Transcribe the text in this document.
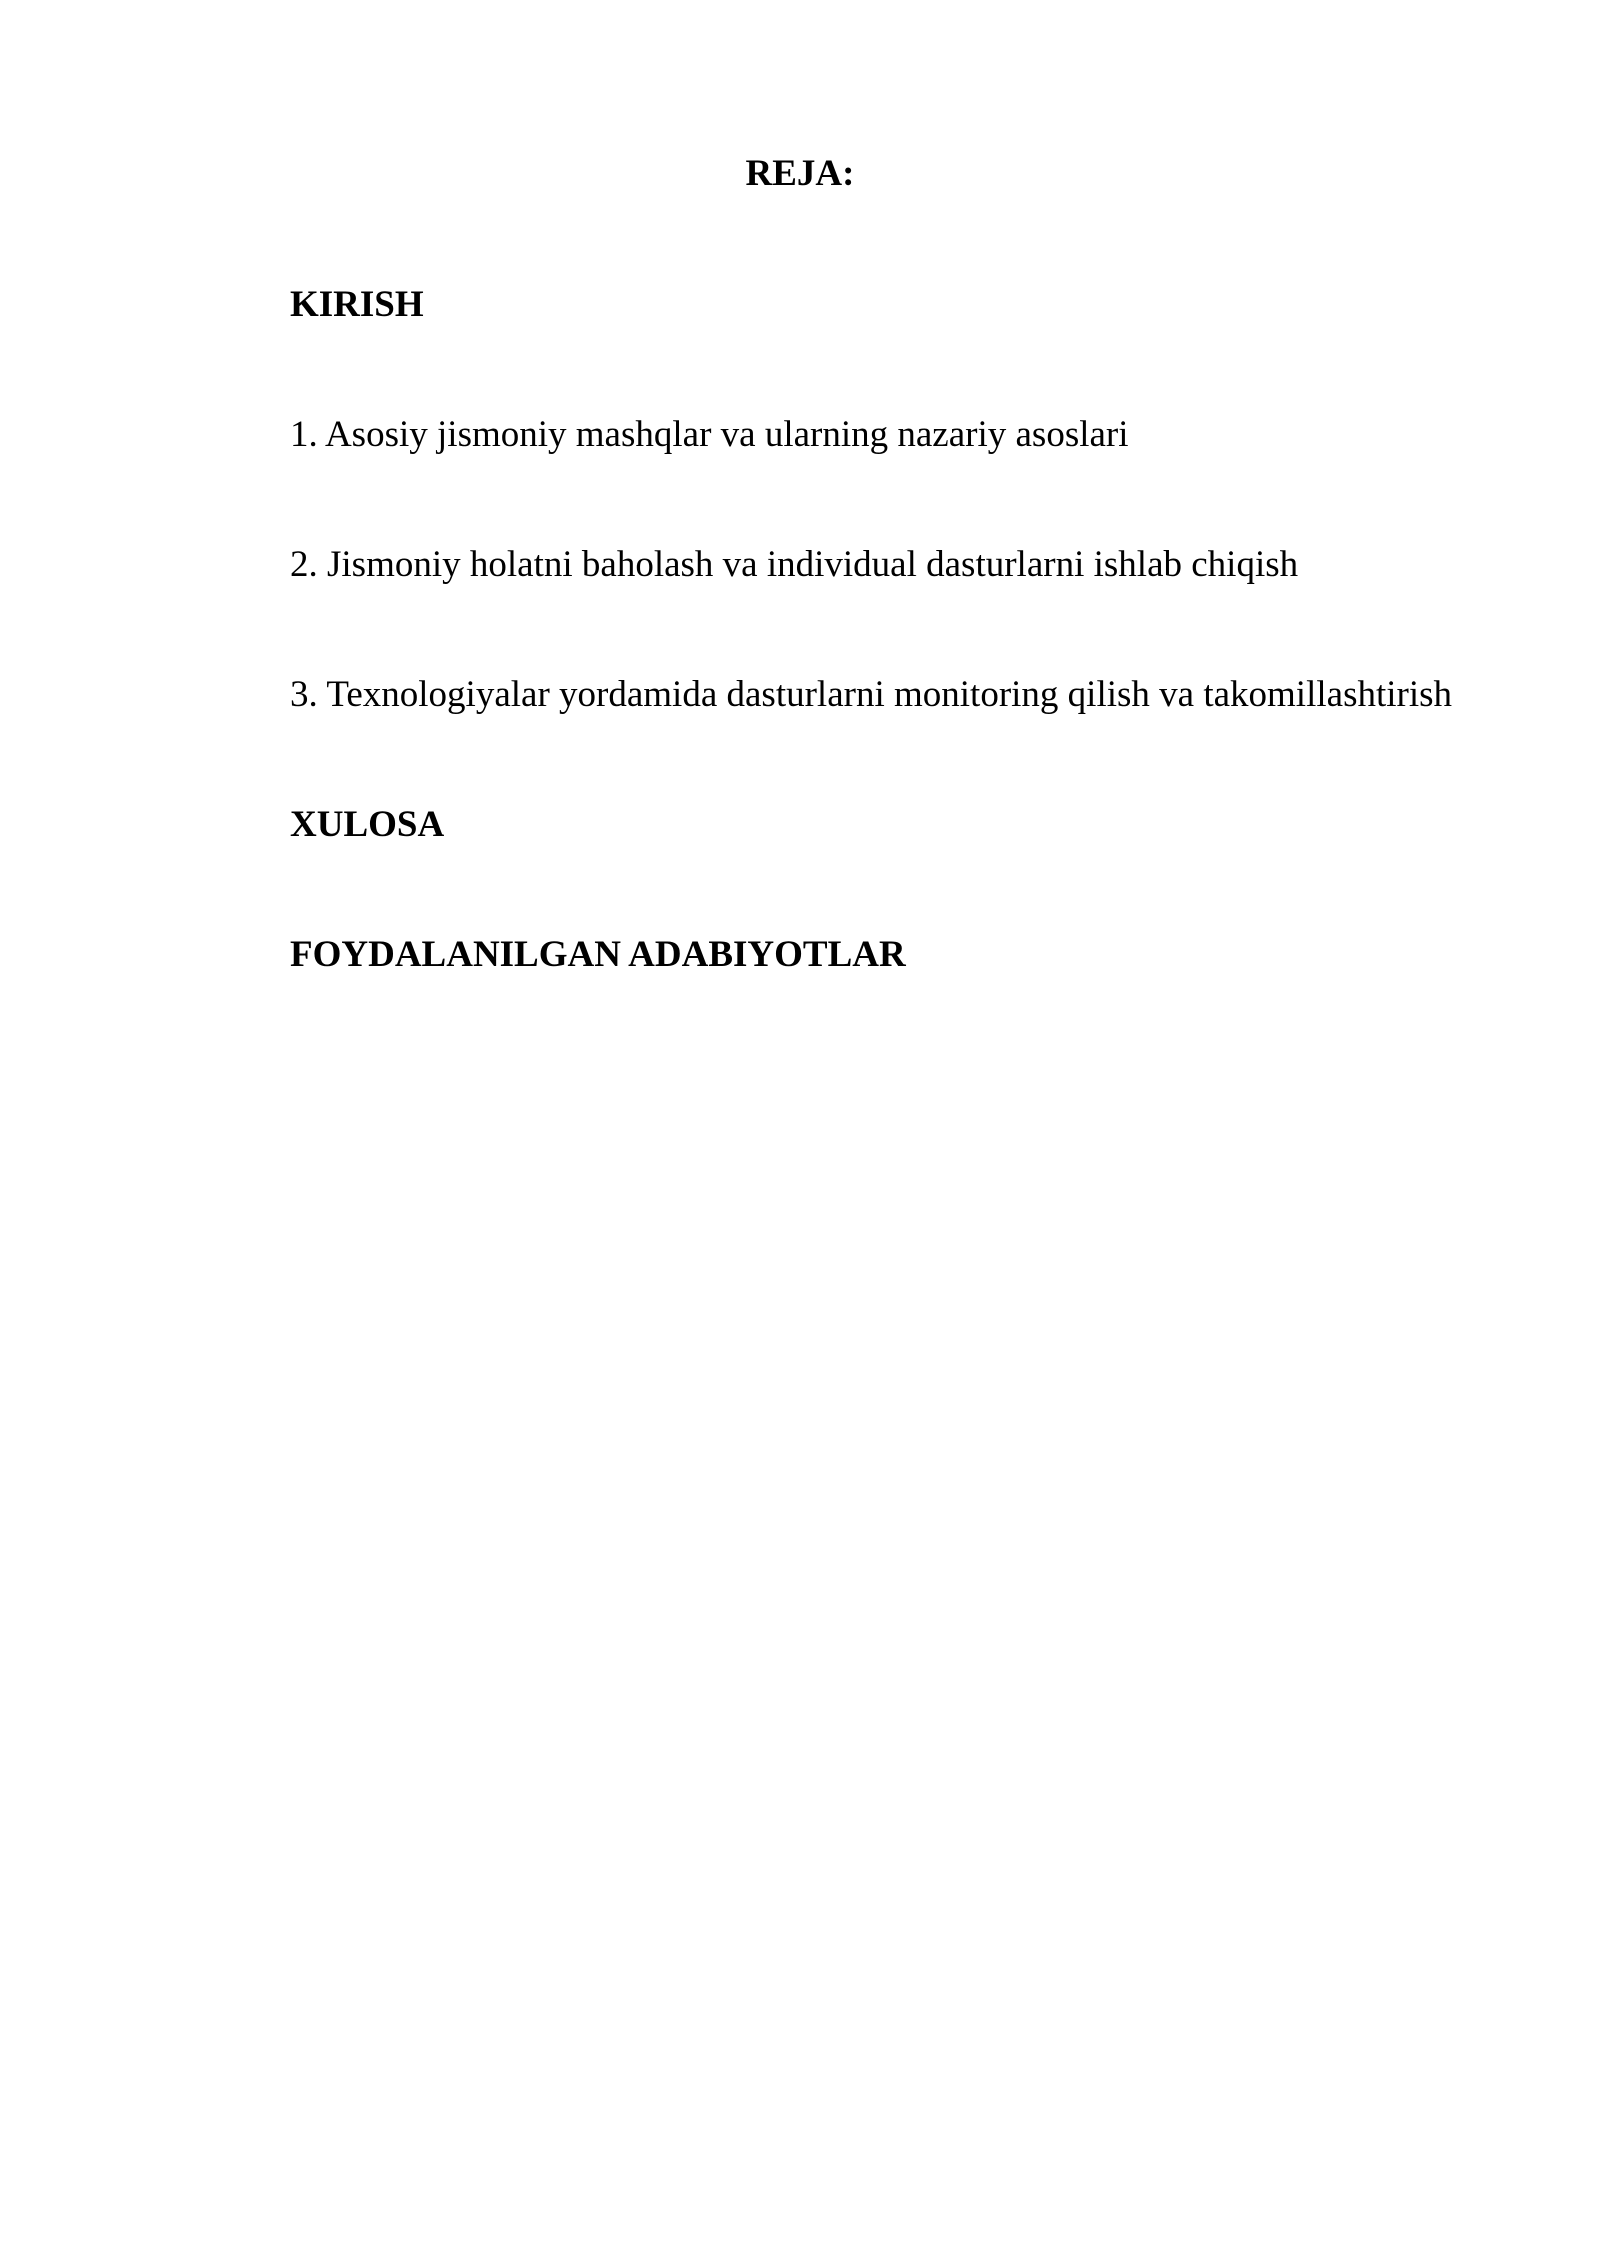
REJA:
KIRISH
1. Asosiy jismoniy mashqlar va ularning nazariy asoslari
2. Jismoniy holatni baholash va individual dasturlarni ishlab chiqish
3. Texnologiyalar yordamida dasturlarni monitoring qilish va takomillashtirish
XULOSA
FOYDALANILGAN ADABIYOTLAR
